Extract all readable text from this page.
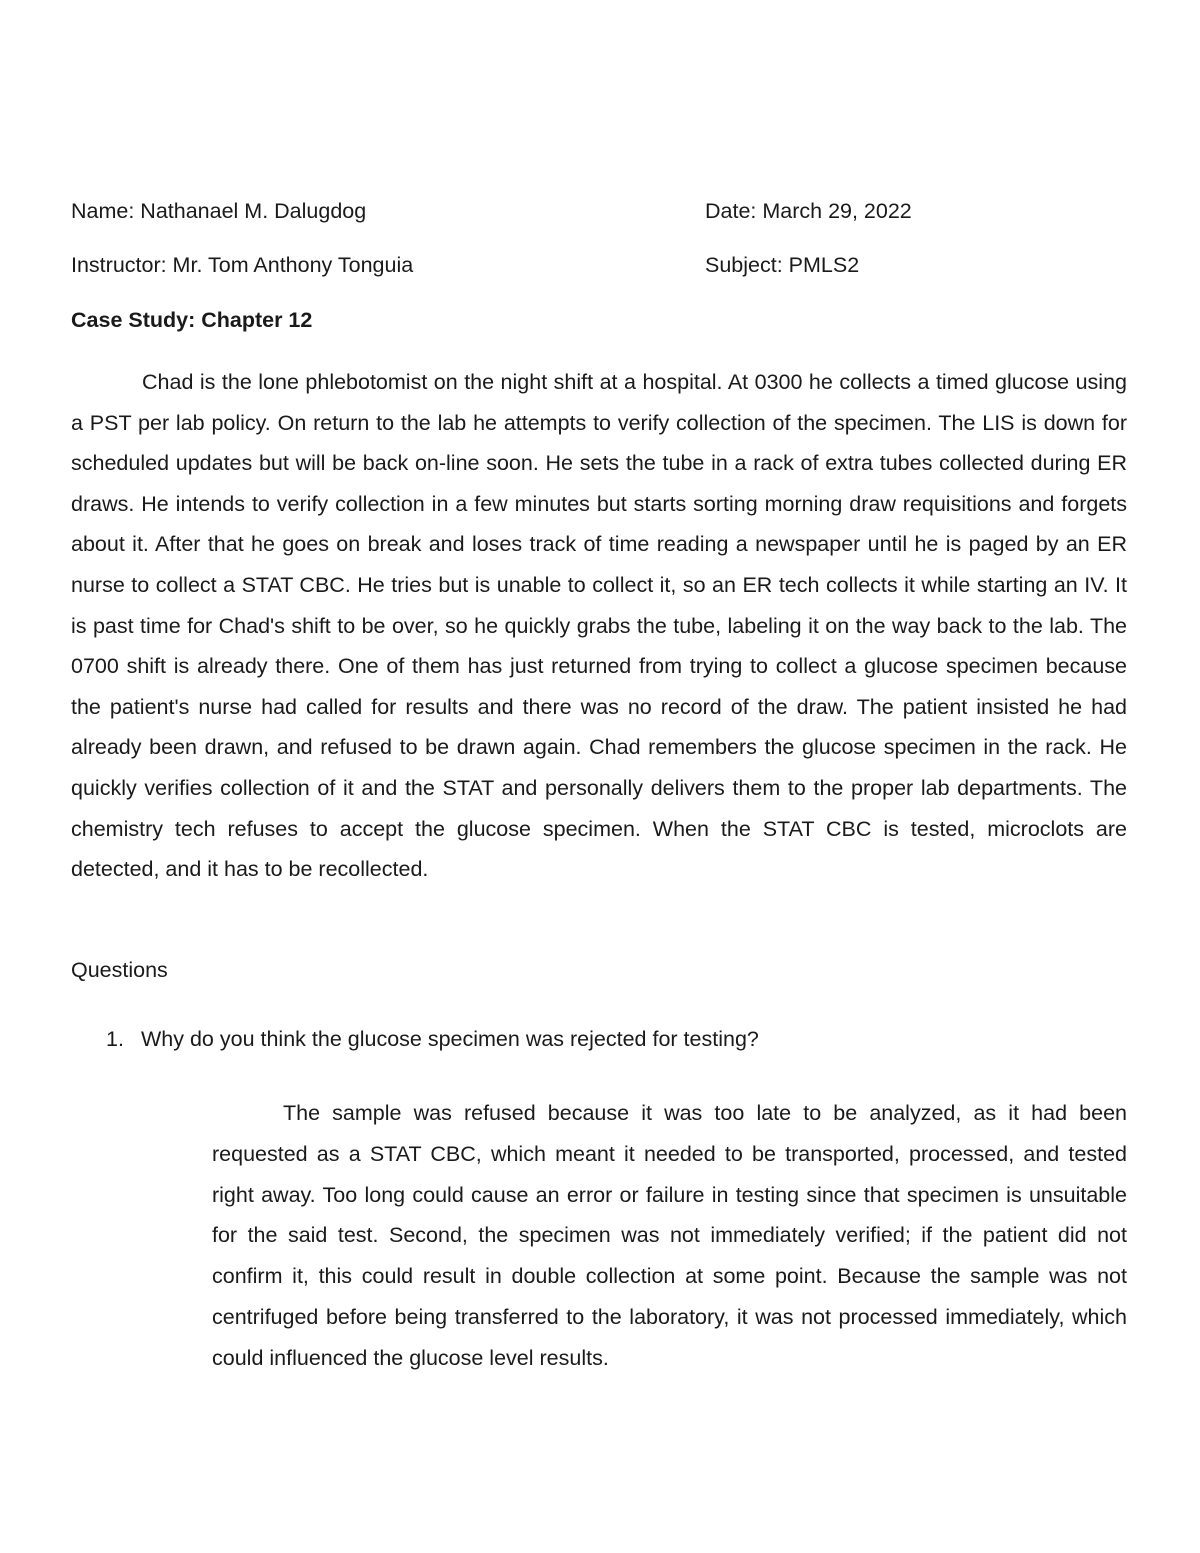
Name: Nathanael M. Dalugdog	Date: March 29, 2022
Instructor: Mr. Tom Anthony Tonguia	Subject: PMLS2
Case Study: Chapter 12

Chad is the lone phlebotomist on the night shift at a hospital. At 0300 he collects a timed glucose using a PST per lab policy. On return to the lab he attempts to verify collection of the specimen. The LIS is down for scheduled updates but will be back on-line soon. He sets the tube in a rack of extra tubes collected during ER draws. He intends to verify collection in a few minutes but starts sorting morning draw requisitions and forgets about it. After that he goes on break and loses track of time reading a newspaper until he is paged by an ER nurse to collect a STAT CBC. He tries but is unable to collect it, so an ER tech collects it while starting an IV. It is past time for Chad's shift to be over, so he quickly grabs the tube, labeling it on the way back to the lab. The 0700 shift is already there. One of them has just returned from trying to collect a glucose specimen because the patient's nurse had called for results and there was no record of the draw. The patient insisted he had already been drawn, and refused to be drawn again. Chad remembers the glucose specimen in the rack. He quickly verifies collection of it and the STAT and personally delivers them to the proper lab departments. The chemistry tech refuses to accept the glucose specimen. When the STAT CBC is tested, microclots are detected, and it has to be recollected.

Questions
1. Why do you think the glucose specimen was rejected for testing?

The sample was refused because it was too late to be analyzed, as it had been requested as a STAT CBC, which meant it needed to be transported, processed, and tested right away. Too long could cause an error or failure in testing since that specimen is unsuitable for the said test. Second, the specimen was not immediately verified; if the patient did not confirm it, this could result in double collection at some point. Because the sample was not centrifuged before being transferred to the laboratory, it was not processed immediately, which could influenced the glucose level results.
